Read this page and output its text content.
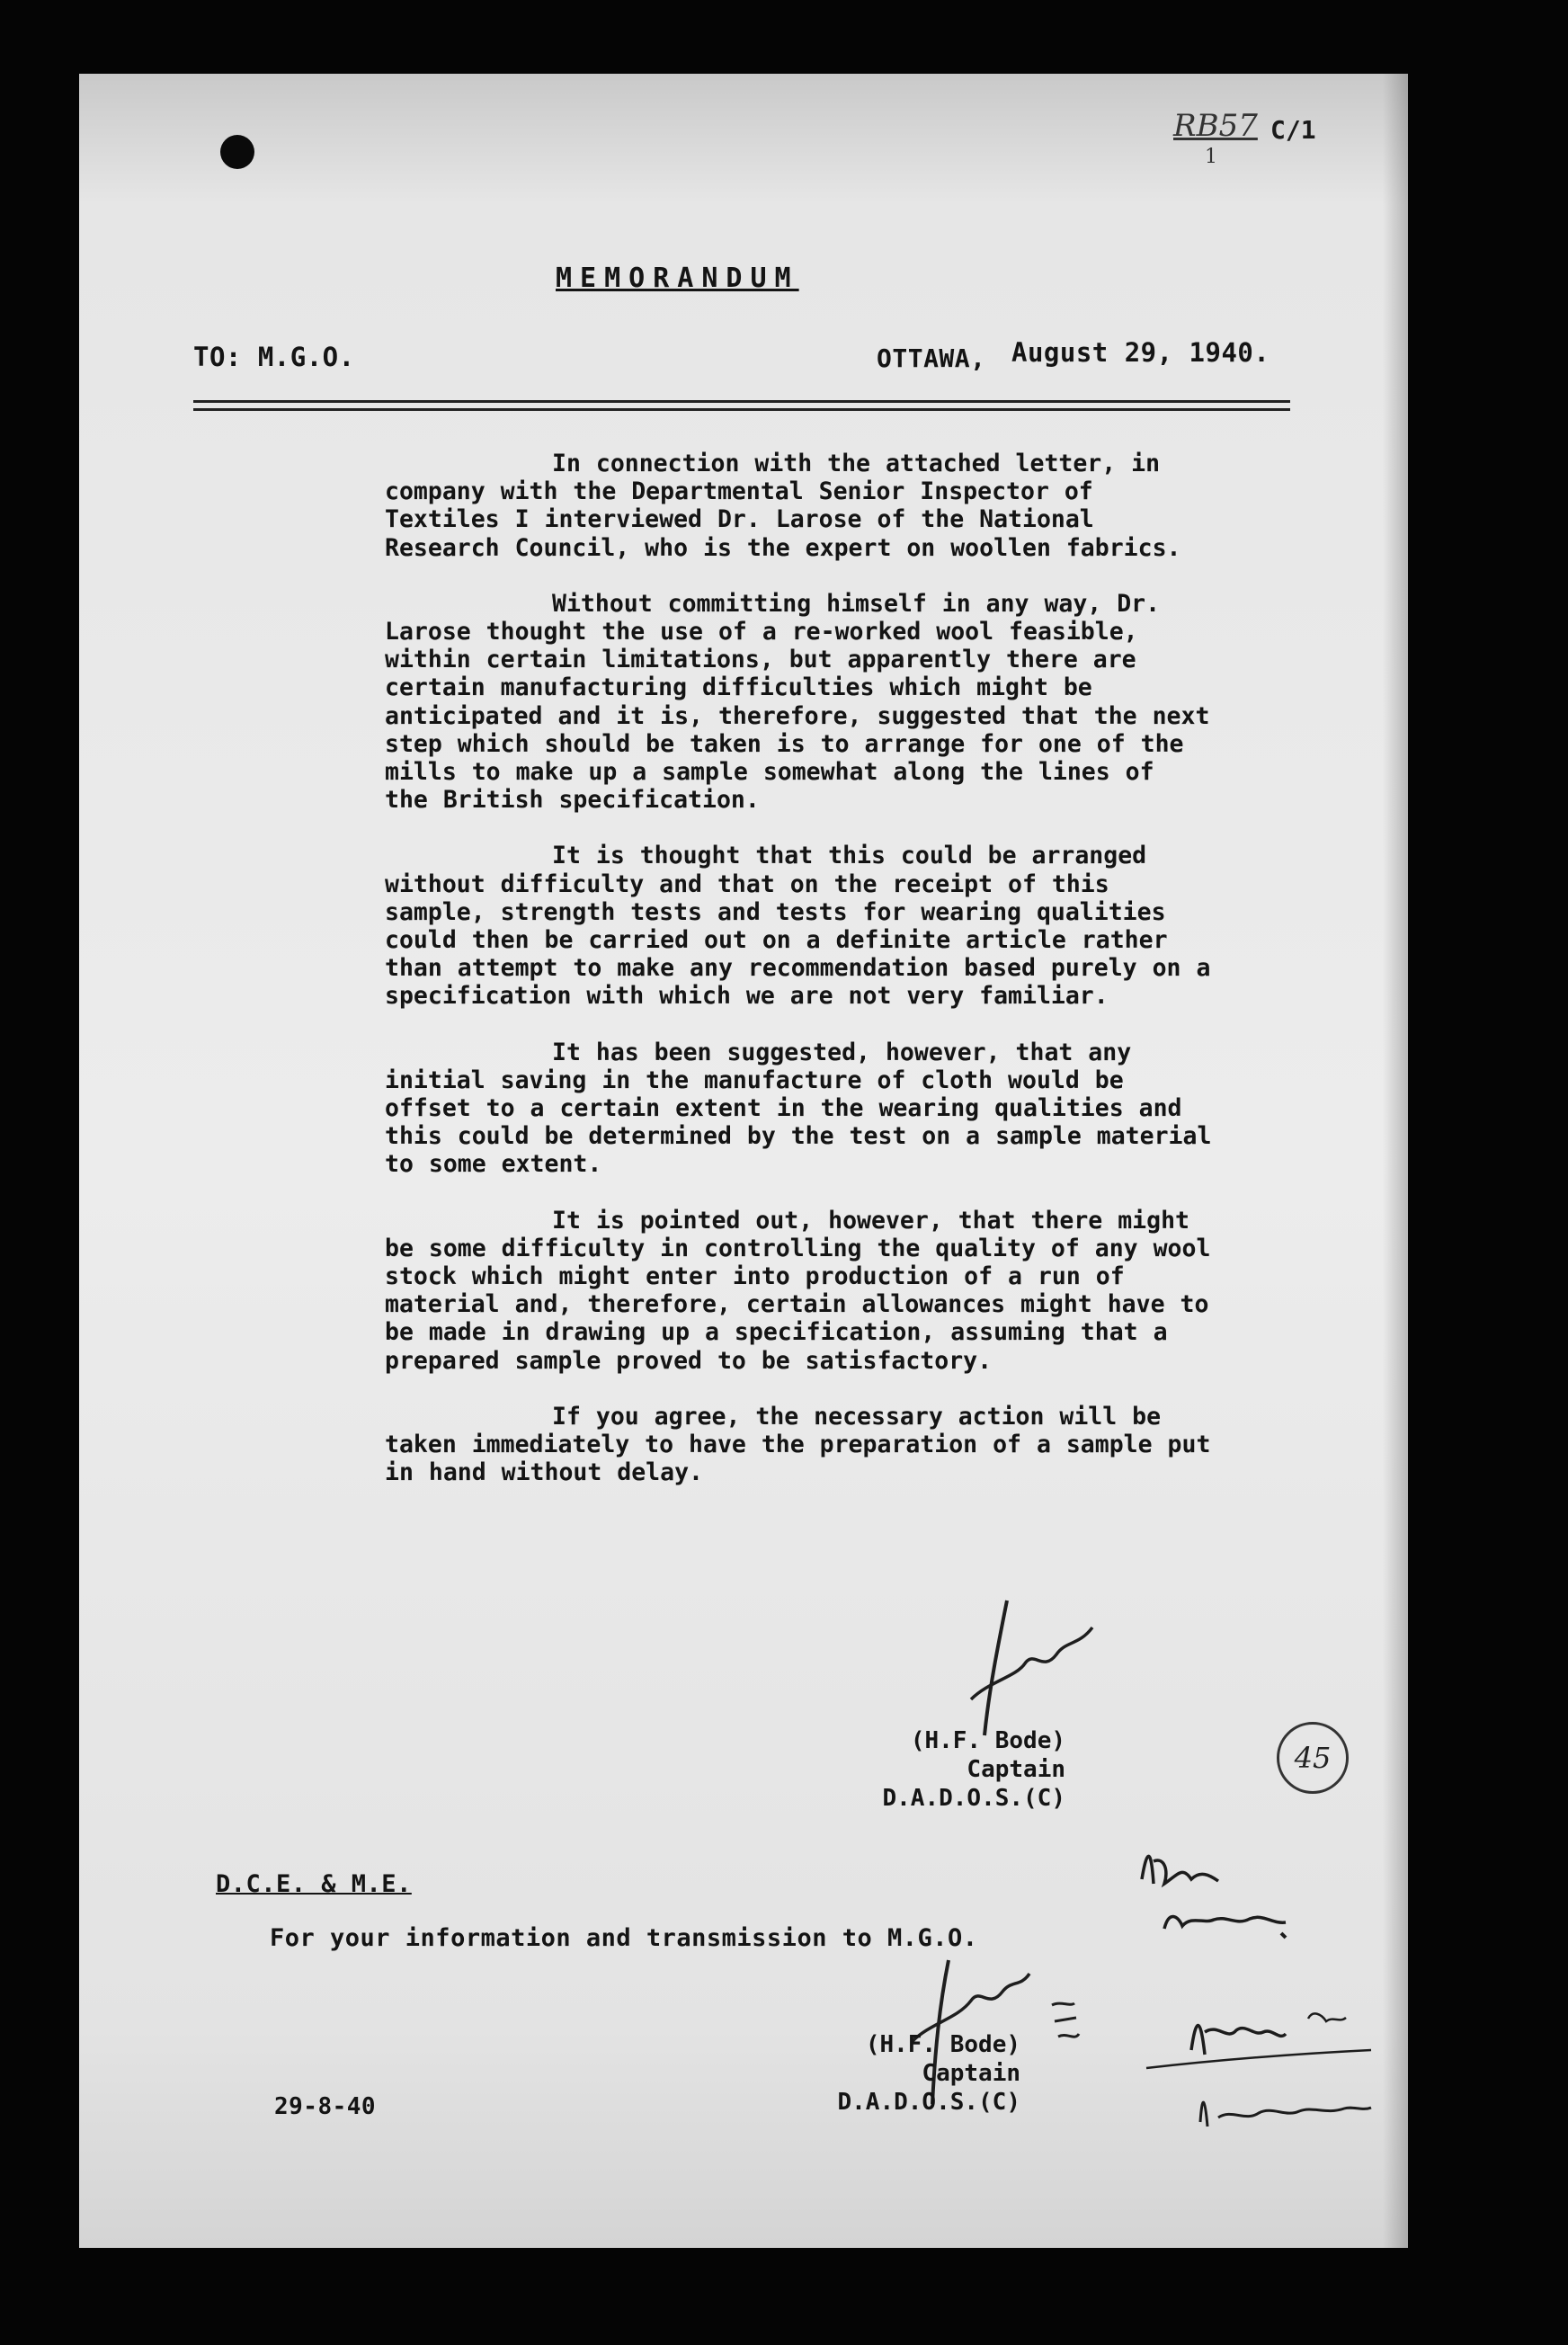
RB57
1
C/1
MEMORANDUM
TO: M.G.O.	OTTAWA, August 29, 1940.

In connection with the attached letter, in company with the Departmental Senior Inspector of Textiles I interviewed Dr. Larose of the National Research Council, who is the expert on woollen fabrics.

Without committing himself in any way, Dr. Larose thought the use of a re-worked wool feasible, within certain limitations, but apparently there are certain manufacturing difficulties which might be anticipated and it is, therefore, suggested that the next step which should be taken is to arrange for one of the mills to make up a sample somewhat along the lines of the British specification.

It is thought that this could be arranged without difficulty and that on the receipt of this sample, strength tests and tests for wearing qualities could then be carried out on a definite article rather than attempt to make any recommendation based purely on a specification with which we are not very familiar.

It has been suggested, however, that any initial saving in the manufacture of cloth would be offset to a certain extent in the wearing qualities and this could be determined by the test on a sample material to some extent.

It is pointed out, however, that there might be some difficulty in controlling the quality of any wool stock which might enter into production of a run of material and, therefore, certain allowances might have to be made in drawing up a specification, assuming that a prepared sample proved to be satisfactory.

If you agree, the necessary action will be taken immediately to have the preparation of a sample put in hand without delay.

(H.F. Bode)
Captain
D.A.D.O.S.(C)
45
D.C.E. & M.E.
For your information and transmission to M.G.O.
(H.F. Bode)
Captain
D.A.D.O.S.(C)
29-8-40
